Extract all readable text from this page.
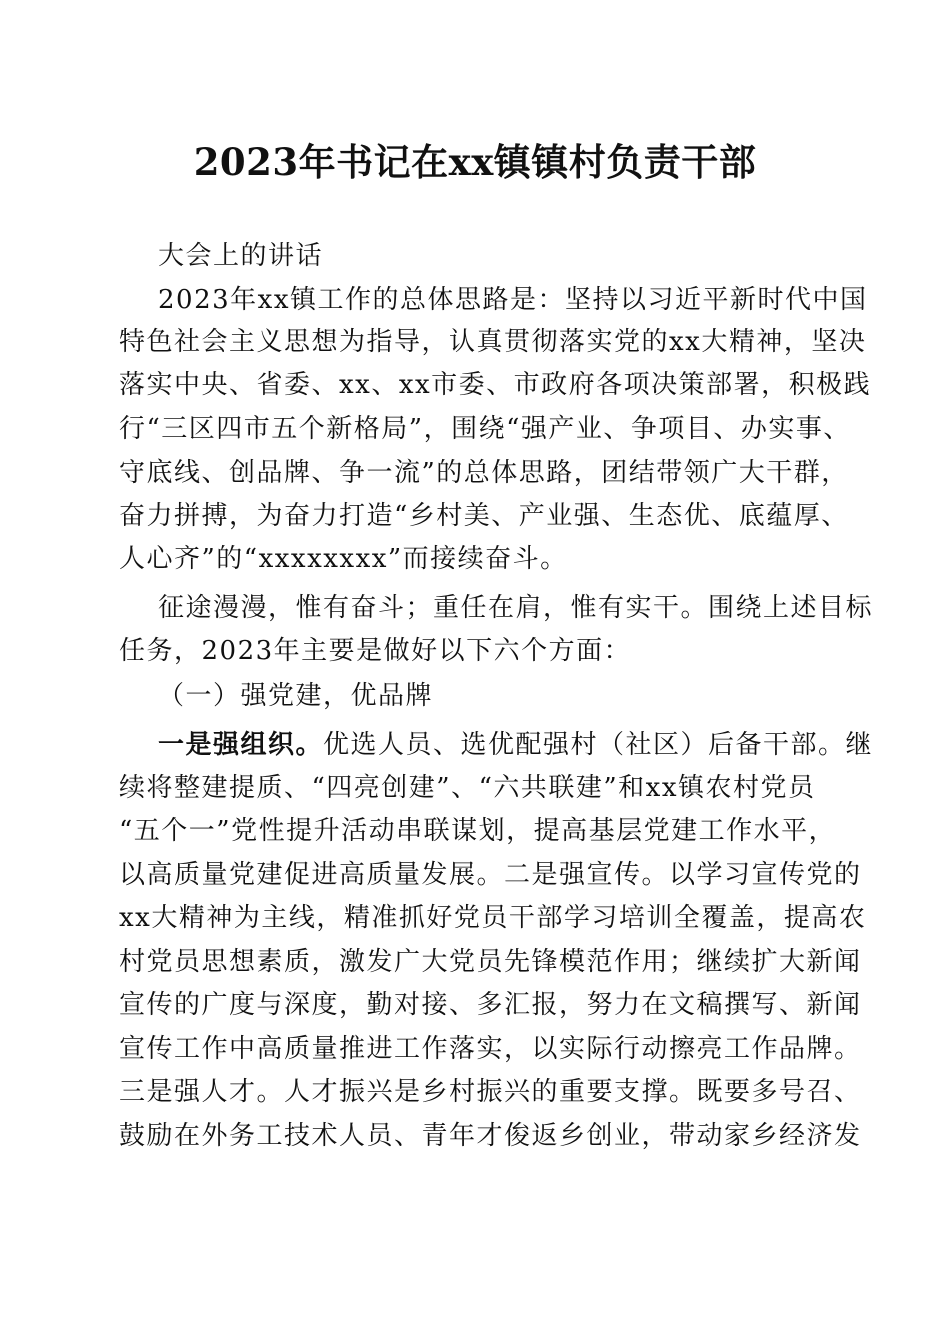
2023年书记在xx镇镇村负责干部
大会上的讲话
2023年xx镇工作的总体思路是：坚持以习近平新时代中国
特色社会主义思想为指导，认真贯彻落实党的xx大精神，坚决
落实中央、省委、xx、xx市委、市政府各项决策部署，积极践
行“三区四市五个新格局”，围绕“强产业、争项目、办实事、
守底线、创品牌、争一流”的总体思路，团结带领广大干群，
奋力拼搏，为奋力打造“乡村美、产业强、生态优、底蕴厚、
人心齐”的“xxxxxxxx”而接续奋斗。
征途漫漫，惟有奋斗；重任在肩，惟有实干。围绕上述目标
任务，2023年主要是做好以下六个方面：
（一）强党建，优品牌
一是强组织。优选人员、选优配强村（社区）后备干部。继
续将整建提质、“四亮创建”、“六共联建”和xx镇农村党员
“五个一”党性提升活动串联谋划，提高基层党建工作水平，
以高质量党建促进高质量发展。二是强宣传。以学习宣传党的
xx大精神为主线，精准抓好党员干部学习培训全覆盖，提高农
村党员思想素质，激发广大党员先锋模范作用；继续扩大新闻
宣传的广度与深度，勤对接、多汇报，努力在文稿撰写、新闻
宣传工作中高质量推进工作落实，以实际行动擦亮工作品牌。
三是强人才。人才振兴是乡村振兴的重要支撑。既要多号召、
鼓励在外务工技术人员、青年才俊返乡创业，带动家乡经济发
